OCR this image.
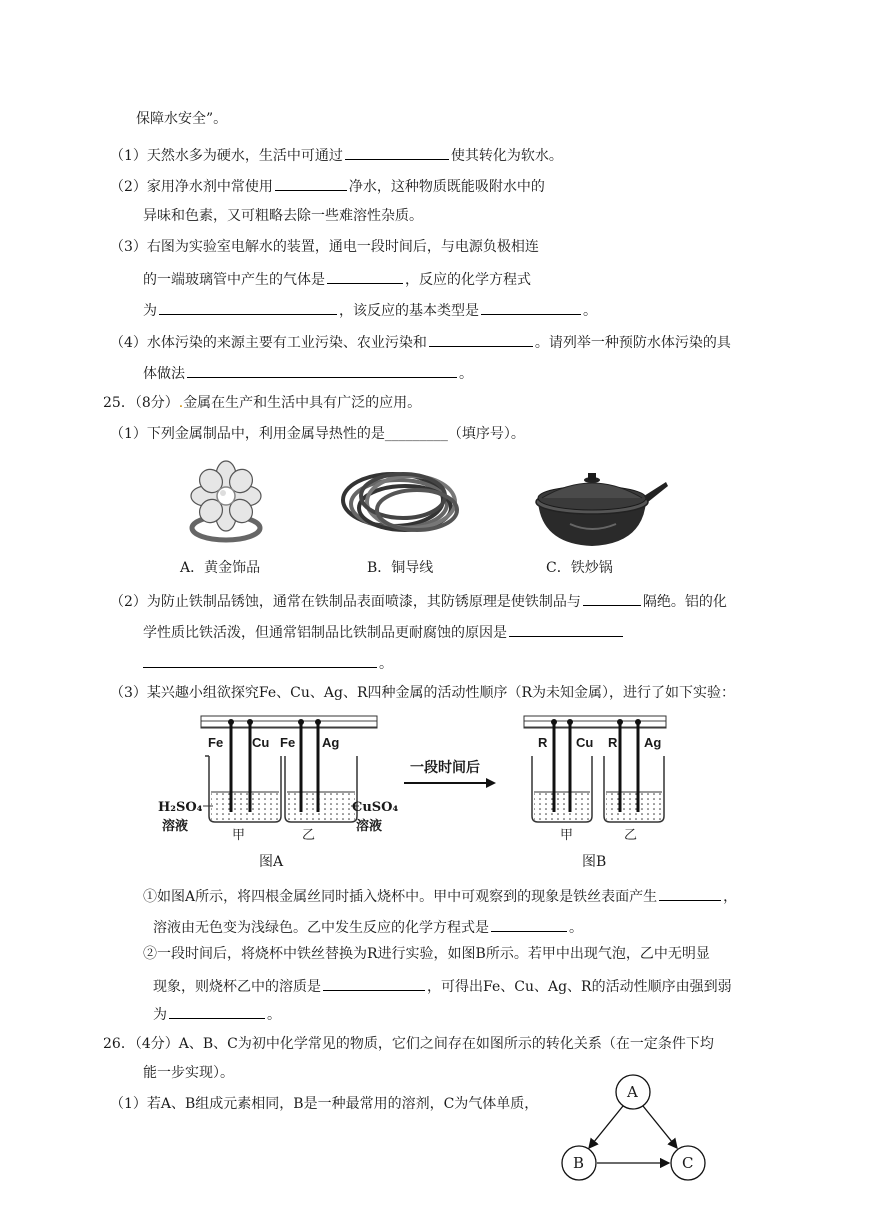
保障水安全”。
（1）天然水多为硬水，生活中可通过	使其转化为软水。
（2）家用净水剂中常使用	净水，这种物质既能吸附水中的
异味和色素，又可粗略去除一些难溶性杂质。
（3）右图为实验室电解水的装置，通电一段时间后，与电源负极相连
的一端玻璃管中产生的气体是	，反应的化学方程式
为	，该反应的基本类型是	。
（4）水体污染的来源主要有工业污染、农业污染和	。请列举一种预防水体污染的具
体做法	。
25．（8分）.金属在生产和生活中具有广泛的应用。
（1）下列金属制品中，利用金属导热性的是_________（填序号）。
A．黄金饰品	B．铜导线	C．铁炒锅
（2）为防止铁制品锈蚀，通常在铁制品表面喷漆，其防锈原理是使铁制品与	隔绝。铝的化
学性质比铁活泼，但通常铝制品比铁制品更耐腐蚀的原因是
。
（3）某兴趣小组欲探究Fe、Cu、Ag、R四种金属的活动性顺序（R为未知金属），进行了如下实验：
Fe Cu Fe Ag
H₂SO₄
溶液
CuSO₄
溶液
甲	乙
图A
一段时间后
R Cu R Ag
甲	乙
图B
①如图A所示，将四根金属丝同时插入烧杯中。甲中可观察到的现象是铁丝表面产生	，
溶液由无色变为浅绿色。乙中发生反应的化学方程式是	。
②一段时间后，将烧杯中铁丝替换为R进行实验，如图B所示。若甲中出现气泡，乙中无明显
现象，则烧杯乙中的溶质是	，可得出Fe、Cu、Ag、R的活动性顺序由强到弱
为	。
26．（4分）A、B、C为初中化学常见的物质，它们之间存在如图所示的转化关系（在一定条件下均
能一步实现）。
（1）若A、B组成元素相同，B是一种最常用的溶剂，C为气体单质，
A
B	C
